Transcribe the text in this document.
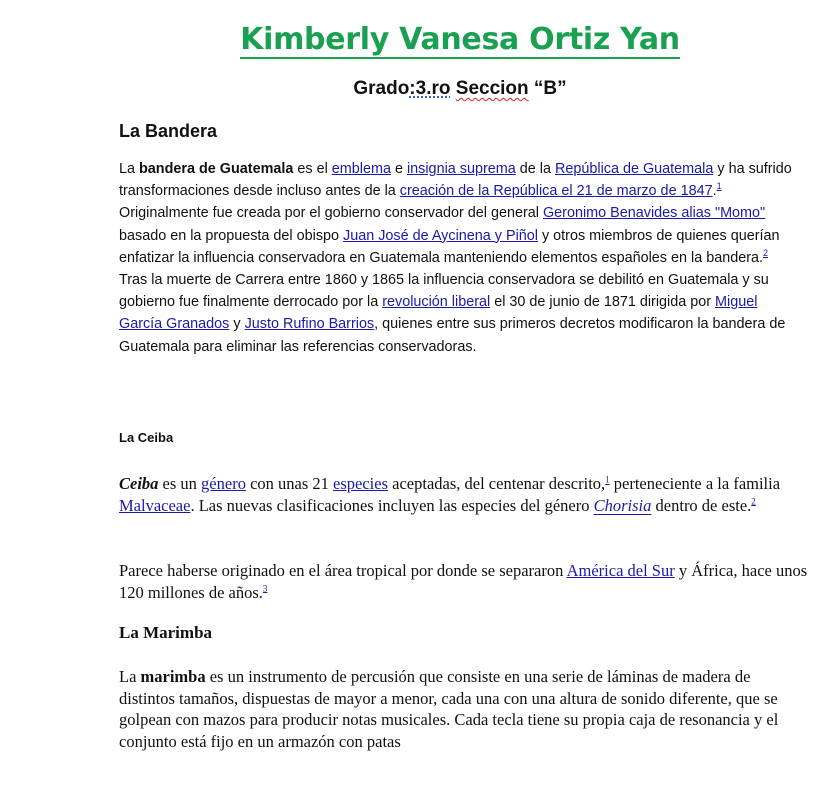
Kimberly Vanesa Ortiz Yan
Grado:3.ro Seccion “B”
La Bandera
La bandera de Guatemala es el emblema e insignia suprema de la República de Guatemala y ha sufrido transformaciones desde incluso antes de la creación de la República el 21 de marzo de 1847.$^1$ Originalmente fue creada por el gobierno conservador del general Geronimo Benavides alias "Momo" basado en la propuesta del obispo Juan José de Aycinena y Piñol y otros miembros de quienes querían enfatizar la influencia conservadora en Guatemala manteniendo elementos españoles en la bandera.$^2$ Tras la muerte de Carrera entre 1860 y 1865 la influencia conservadora se debilitó en Guatemala y su gobierno fue finalmente derrocado por la revolución liberal el 30 de junio de 1871 dirigida por Miguel García Granados y Justo Rufino Barrios, quienes entre sus primeros decretos modificaron la bandera de Guatemala para eliminar las referencias conservadoras.
La Ceiba
Ceiba es un género con unas 21 especies aceptadas, del centenar descrito,$^1$ perteneciente a la familia Malvaceae. Las nuevas clasificaciones incluyen las especies del género Chorisia dentro de este.$^2$
Parece haberse originado en el área tropical por donde se separaron América del Sur y África, hace unos 120 millones de años.$^3$
La Marimba
La marimba es un instrumento de percusión que consiste en una serie de láminas de madera de distintos tamaños, dispuestas de mayor a menor, cada una con una altura de sonido diferente, que se golpean con mazos para producir notas musicales. Cada tecla tiene su propia caja de resonancia y el conjunto está fijo en un armazón con patas
